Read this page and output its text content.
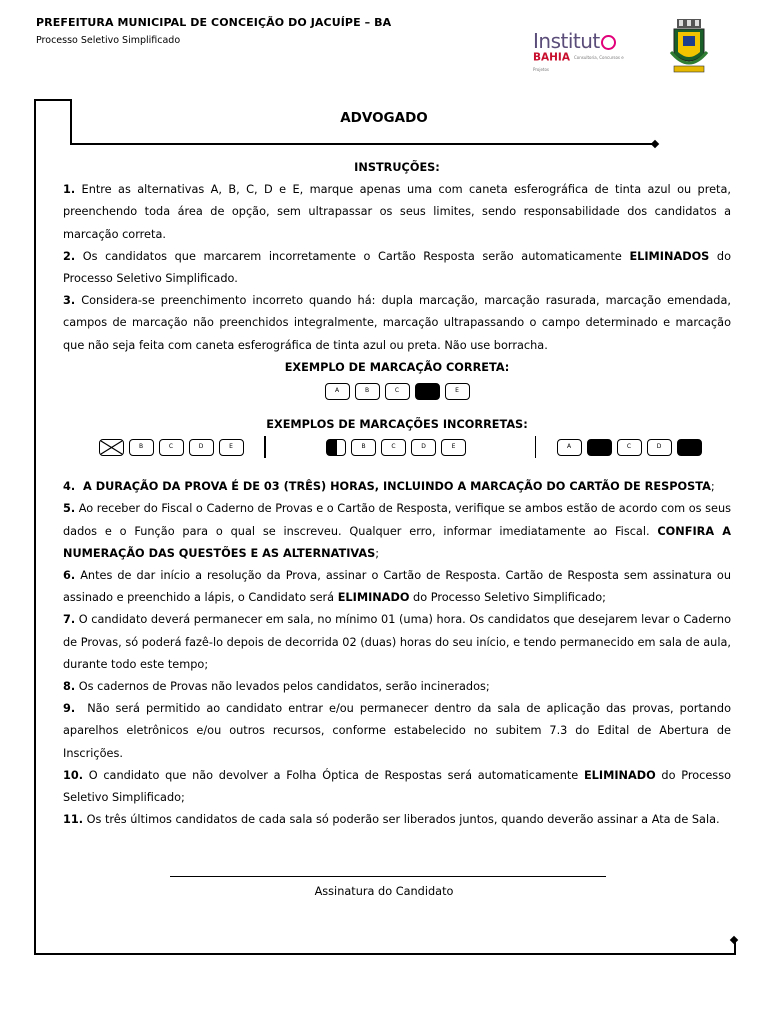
PREFEITURA MUNICIPAL DE CONCEIÇÃO DO JACUÍPE – BA
Processo Seletivo Simplificado	Institut
BAHIA Consultoria, Concursos e Projetos
ADVOGADO

INSTRUÇÕES:

1. Entre as alternativas A, B, C, D e E, marque apenas uma com caneta esferográfica de tinta azul ou preta, preenchendo toda área de opção, sem ultrapassar os seus limites, sendo responsabilidade dos candidatos a marcação correta.

2. Os candidatos que marcarem incorretamente o Cartão Resposta serão automaticamente ELIMINADOS do Processo Seletivo Simplificado.

3. Considera-se preenchimento incorreto quando há: dupla marcação, marcação rasurada, marcação emendada, campos de marcação não preenchidos integralmente, marcação ultrapassando o campo determinado e marcação que não seja feita com caneta esferográfica de tinta azul ou preta. Não use borracha.

EXEMPLO DE MARCAÇÃO CORRETA:

A	B	C	E

EXEMPLOS DE MARCAÇÕES INCORRETAS:

B	C	D	E	B	C	D	E	A	C	D

4.  A DURAÇÃO DA PROVA É DE 03 (TRÊS) HORAS, INCLUINDO A MARCAÇÃO DO CARTÃO DE RESPOSTA;

5. Ao receber do Fiscal o Caderno de Provas e o Cartão de Resposta, verifique se ambos estão de acordo com os seus dados e o Função para o qual se inscreveu. Qualquer erro, informar imediatamente ao Fiscal. CONFIRA A NUMERAÇÃO DAS QUESTÕES E AS ALTERNATIVAS;

6. Antes de dar início a resolução da Prova, assinar o Cartão de Resposta. Cartão de Resposta sem assinatura ou assinado e preenchido a lápis, o Candidato será ELIMINADO do Processo Seletivo Simplificado;

7. O candidato deverá permanecer em sala, no mínimo 01 (uma) hora. Os candidatos que desejarem levar o Caderno de Provas, só poderá fazê-lo depois de decorrida 02 (duas) horas do seu início, e tendo permanecido em sala de aula, durante todo este tempo;

8. Os cadernos de Provas não levados pelos candidatos, serão incinerados;

9.  Não será permitido ao candidato entrar e/ou permanecer dentro da sala de aplicação das provas, portando aparelhos eletrônicos e/ou outros recursos, conforme estabelecido no subitem 7.3 do Edital de Abertura de Inscrições.

10. O candidato que não devolver a Folha Óptica de Respostas será automaticamente ELIMINADO do Processo Seletivo Simplificado;

11. Os três últimos candidatos de cada sala só poderão ser liberados juntos, quando deverão assinar a Ata de Sala.

Assinatura do Candidato
